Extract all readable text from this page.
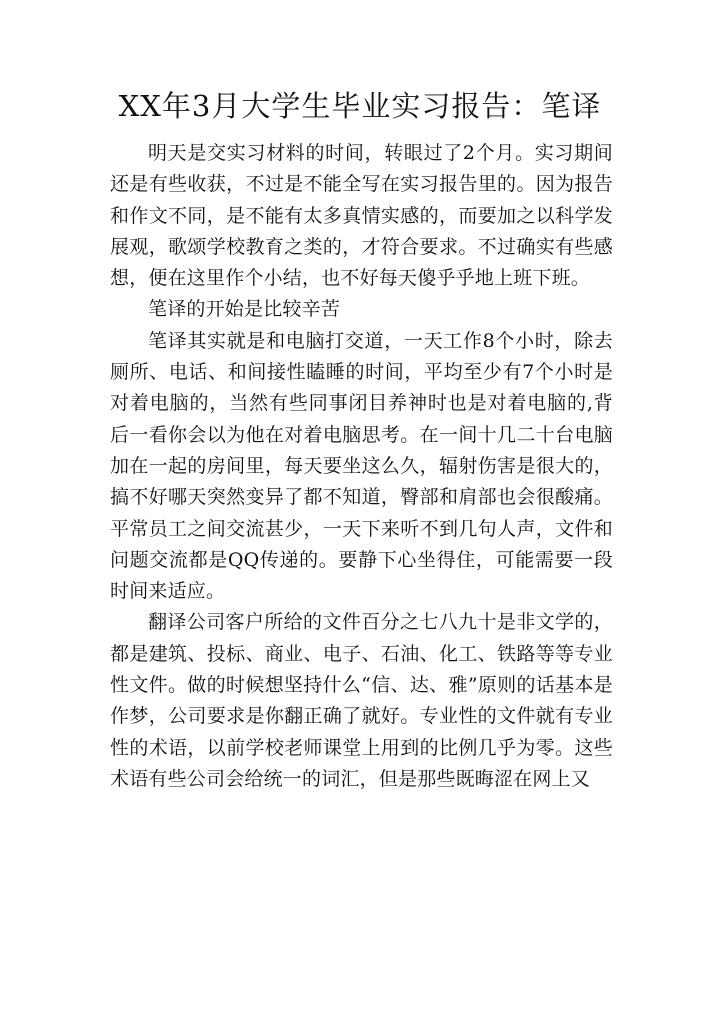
XX年3月大学生毕业实习报告：笔译

明天是交实习材料的时间，转眼过了2个月。实习期间还是有些收获，不过是不能全写在实习报告里的。因为报告和作文不同，是不能有太多真情实感的，而要加之以科学发展观，歌颂学校教育之类的，才符合要求。不过确实有些感想，便在这里作个小结，也不好每天傻乎乎地上班下班。

笔译的开始是比较辛苦

笔译其实就是和电脑打交道，一天工作8个小时，除去厕所、电话、和间接性瞌睡的时间，平均至少有7个小时是对着电脑的，当然有些同事闭目养神时也是对着电脑的,背后一看你会以为他在对着电脑思考。在一间十几二十台电脑加在一起的房间里，每天要坐这么久，辐射伤害是很大的，搞不好哪天突然变异了都不知道，臀部和肩部也会很酸痛。平常员工之间交流甚少，一天下来听不到几句人声，文件和问题交流都是QQ传递的。要静下心坐得住，可能需要一段时间来适应。

翻译公司客户所给的文件百分之七八九十是非文学的，都是建筑、投标、商业、电子、石油、化工、铁路等等专业性文件。做的时候想坚持什么“信、达、雅”原则的话基本是作梦，公司要求是你翻正确了就好。专业性的文件就有专业性的术语，以前学校老师课堂上用到的比例几乎为零。这些术语有些公司会给统一的词汇，但是那些既晦涩在网上又
